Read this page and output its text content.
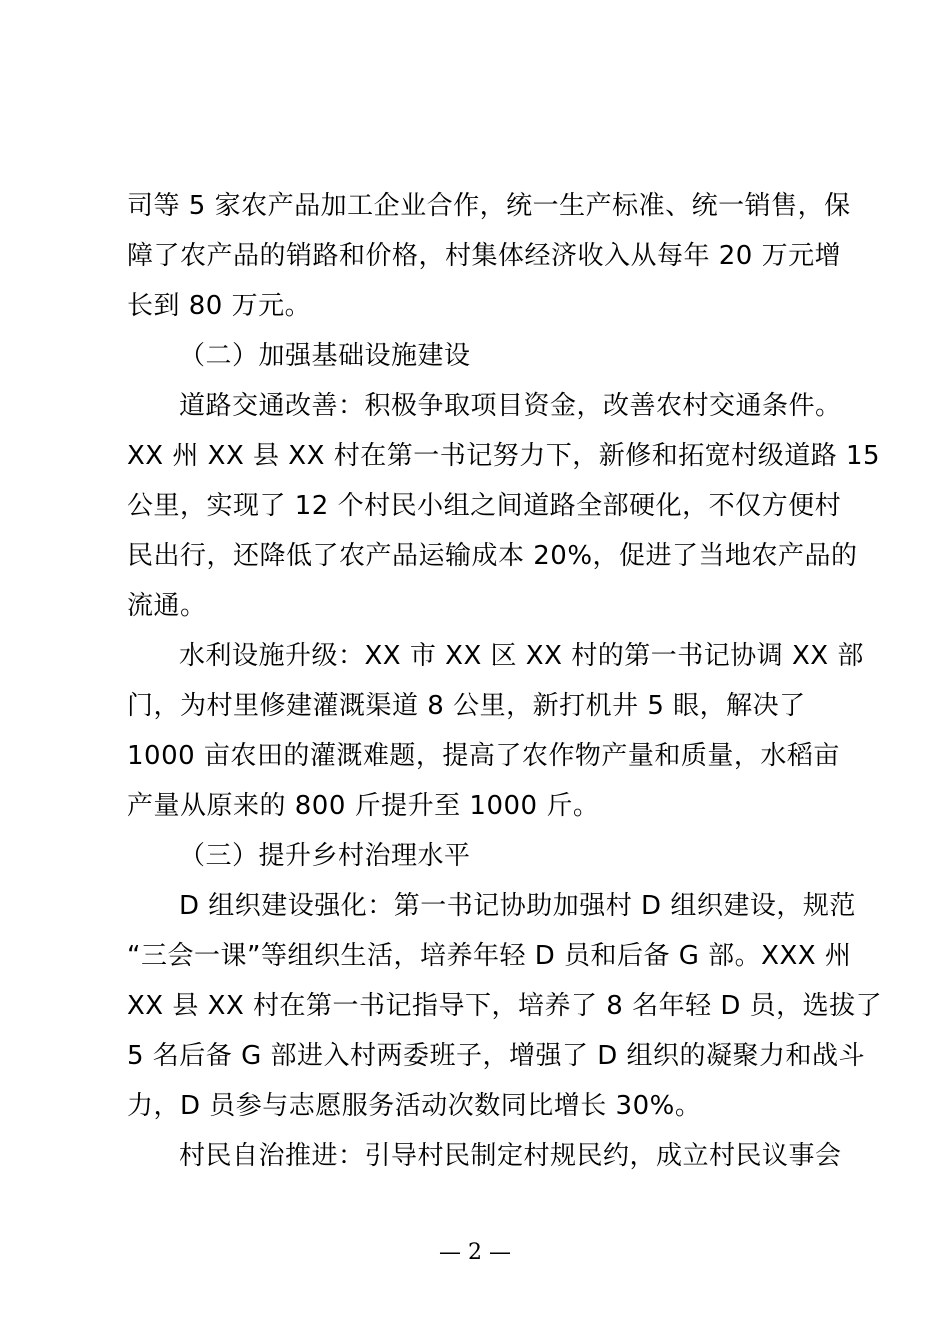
司等 5 家农产品加工企业合作，统一生产标准、统一销售，保
障了农产品的销路和价格，村集体经济收入从每年 20 万元增
长到 80 万元。
（二）加强基础设施建设
道路交通改善：积极争取项目资金，改善农村交通条件。
XX 州 XX 县 XX 村在第一书记努力下，新修和拓宽村级道路 15
公里，实现了 12 个村民小组之间道路全部硬化，不仅方便村
民出行，还降低了农产品运输成本 20%，促进了当地农产品的
流通。
水利设施升级：XX 市 XX 区 XX 村的第一书记协调 XX 部
门，为村里修建灌溉渠道 8 公里，新打机井 5 眼，解决了
1000 亩农田的灌溉难题，提高了农作物产量和质量，水稻亩
产量从原来的 800 斤提升至 1000 斤。
（三）提升乡村治理水平
D 组织建设强化：第一书记协助加强村 D 组织建设，规范
“三会一课”等组织生活，培养年轻 D 员和后备 G 部。XXX 州
XX 县 XX 村在第一书记指导下，培养了 8 名年轻 D 员，选拔了
5 名后备 G 部进入村两委班子，增强了 D 组织的凝聚力和战斗
力，D 员参与志愿服务活动次数同比增长 30%。
村民自治推进：引导村民制定村规民约，成立村民议事会
— 2 —
